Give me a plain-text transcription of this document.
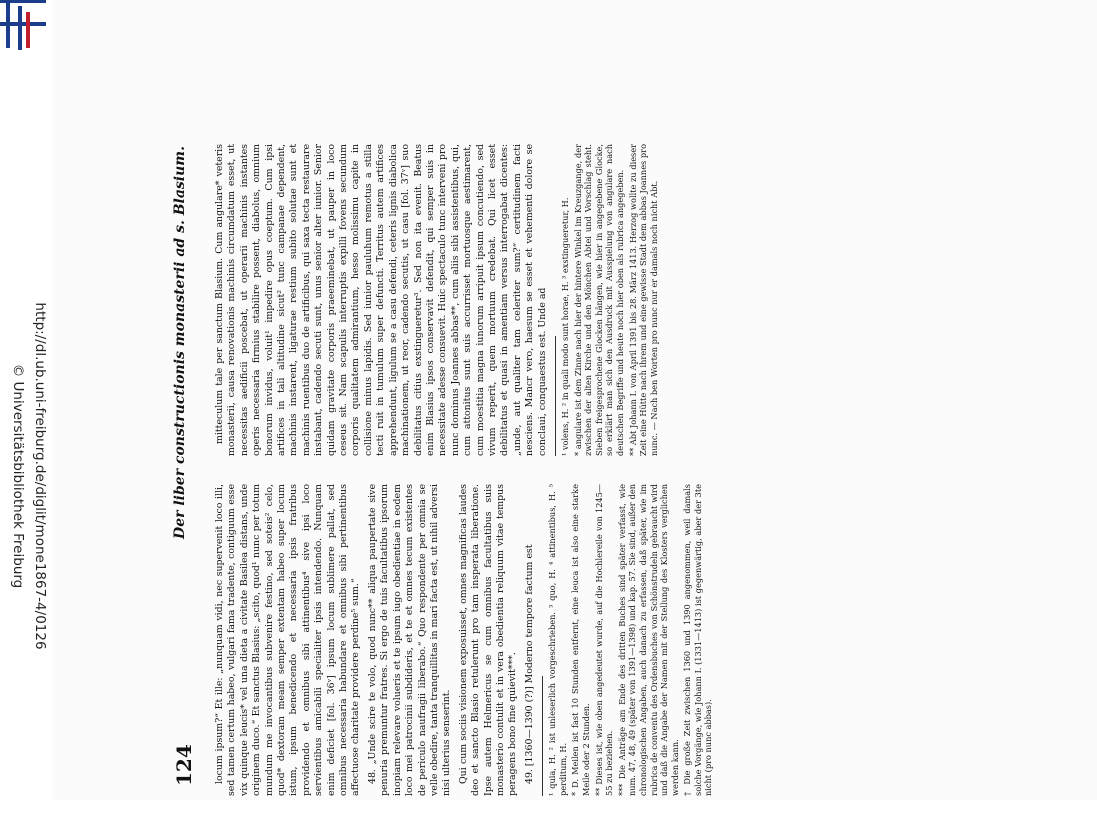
http://dl.ub.uni-freiburg.de/diglit/mone1867-4/0126
© Universitätsbibliothek Freiburg
124
Der liber constructionis monasterii ad s. Blasium.

locum ipsum?“ Et ille: „nunquam vidi, nec supervenit loco illi, sed tamen certum habeo, vulgari fama tradente, contiguum esse vix quinque leucis* vel una dieta a civitate Basilea distans, unde originem duco.“ Et sanctus Blasius: „scito, quod¹ nunc per totum mundum me invocantibus subvenire festino, sed soteis² celo, quod* dextoram meam semper extentam habeo super locum istum, ipsum benedicendo et necessaria ipsis fratribus providendo et omnibus sibi attinentibus⁴ sive ipsi loco servientibus amicabili specialiter ipsis intendendo. Nunquam enim deficiet [fol. 36ᵛ] ipsum locum sublimere pallat, sed omnibus necessaria habundare et omnibus sibi pertinentibus affectuose charitate providere perdine⁵ sum.“ 48. „Unde scire te volo, quod nunc** aliqua paupertate sive penuria premuntur fratres. Si ergo de tuis facultatibus ipsorum inopiam relevare volueris et te ipsum iugo obedientiae in eodem loco mei patrocinii subdideris, et te et omnes tecum existentes de periculo naufragii liberabo.“ Quo respondente per omnia se velle obedire, tanta tranquillitas in mari facta est, ut nihil adversi nisi ulterius senserint. Qui cum sociis visionem exposuisset, omnes magnificas laudes deo et sancto Blasio retulerunt pro tam insperata liberatione. Ipse autem Helmericus se cum omnibus facultatibus suis monasterio contulit et in vera obedientia reliquum vitae tempus peragens bono fine quievit***. 49. [1360—1390 (?)] Moderno tempore factum est ¹ quia, H. ² ist unleserlich vorgeschrieben. ³ quo, H. ⁴ attinentibus, H. ⁵ perditum, H. * D. Meilen ist fast 10 Stunden entfernt, eine leuca ist also eine starke Meile oder 2 Stunden. ** Dieses ist, wie oben angedeutet wurde, auf die Hochlereile von 1245—55 zu beziehen. *** Die Anträge am Ende des dritten Buches sind später verfasst, wie num. 47, 48, 49 (später von 1391—1398) und kap. 57. Sie sind, außer den chronologischen Angaben, auch danach zu erfassen, daß später, wie im rubrica de conventu des Ordensbuches von Schönstrudeln gebraucht wird und daß die Angabe der Namen mit der Stellung des Klosters verglichen werden kann. † Die große Zeit zwischen 1360 und 1390 angenommen, weil damals solche Vorgänge, wie Johann I. (1331—1413) ist gegenwärtig, aber der 3te nicht (pro nunc abbas).

mitteculum tale per sanctum Blasium. Cum angulare* veteris monasterii, causa renovationis machinis circumdatum esset, ut necessitas aedificii poscebat, ut operarii machinis instantes operis necessaria firmius stabilire possent, diabolus, omnium bonorum invidus, voluit¹ impedire opus coeptum. Cum ipsi artifices in tali altitudine sicut² tunc campanae dependent, machinis instarent, ligaturae restium subito solutae sunt et machinis ruentibus duo de artificibus, qui saxa tecta restaurare instabant, cadendo secuti sunt, unus senior alter iunior. Senior quidam gravitate corporis praeeminebat, ut pauper in loco ceseus sit. Nam scapulis interruptis expilli fovens secundum corporis qualitatem admirantium, hesso molissimu capite in collisione minus lapidis. Sed iunior pauluhum remotus a stilla tecti ruit in tumulum super defuncti. Territus autem artifices apprehendunt, ligulum se a casu defendi, ceteris lignis diabolica machinationem, ut reor, cadendo secutis, ut casu [fol. 37ᵛ] suo debilitatus citius exstingueretur³. Sed non ita evenit. Beatus enim Blasius ipsos conservavit defendit, qui semper suis in necessitate adesse consuevit. Huic spectaculo tunc interveni pro nunc dominus Joannes abbas**, cum aliis sibi assistentibus, qui, cum attonitus sunt suis accurrisset mortuosque aestimarent, cum moestitia magna iunorum arripuit ipsum concutiendo, sed vivum reperit, quem mortuum credebat. Qui licet esset debilitatus et quasi in amentiam versus interrogabat dicentes: „unde, aut qualiter tam celeriter sum?“ certitudinem facti nesciens. Mancr vero, haesum se esset et vehementi dolore se conclaui, conquaestus est. Unde ad ¹ volens, H. ² in quali modo sunt horae, H. ³ exstingueretur, H. * angulare ist dem Zinne nach hier der hintere Winkel im Kreuzgange, der zwischen der alten Kirche und den Mönchen Abtei und Vorschlag steht. Sieben freigesprochene Glocken hängen, wie hier in angegebene Glocke, so erklärt man sich den Ausdruck mit Ausspielung von angulare nach deutschen Begriffe und heute noch hier oben als rubrica angegeben. ** Abt Johann I. von April 1391 bis 28. März 1413. Herzog wollte zu dieser Zeit eine Hütte nach ihrem und eine gewisse Stadt dem abbas Joannes pro nunc. — Nach ben Worten pro nunc nur er damals noch nicht Abt.
